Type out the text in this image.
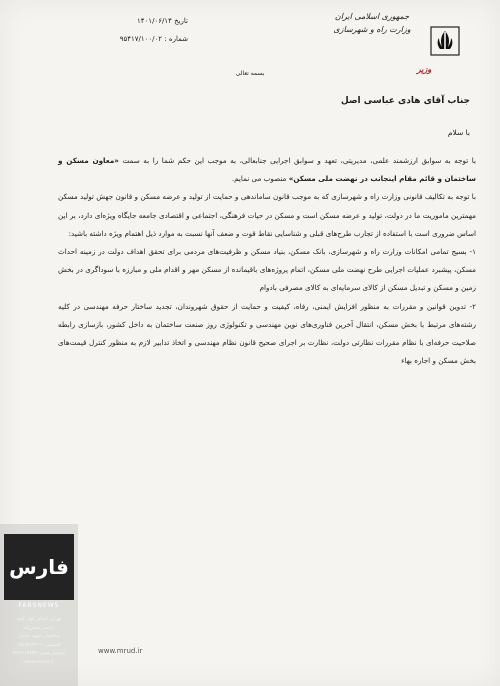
تاریخ ۱۴۰۱/۰۶/۱۴
شماره : ۹۵۴۱۷/۱۰۰/۰۲
جمهوری اسلامی ایران
وزارت راه و شهرسازی
وزیر
بسمه تعالی
جناب آقای هادی عباسی اصل
با سلام

با توجه به سوابق ارزشمند علمی، مدیریتی، تعهد و سوابق اجرایی جنابعالی، به موجب این حکم شما را به سمت «معاون مسکن و ساختمان و قائم مقام اینجانب در نهضت ملی مسکن» منصوب می نمایم.

با توجه به تکالیف قانونی وزارت راه و شهرسازی که به موجب قانون ساماندهی و حمایت از تولید و عرضه مسکن و قانون جهش تولید مسکن مهمترین ماموریت ما در دولت، تولید و عرضه مسکن است و مسکن در حیات فرهنگی، اجتماعی و اقتصادی جامعه جایگاه ویژه‌ای دارد، بر این اساس ضروری است با استفاده از تجارب طرح‌های قبلی و شناسایی نقاط قوت و ضعف آنها نسبت به موارد ذیل اهتمام ویژه داشته باشید:

۱- بسیج تمامی امکانات وزارت راه و شهرسازی، بانک مسکن، بنیاد مسکن و ظرفیت‌های مردمی برای تحقق اهداف دولت در زمینه احداث مسکن، پیشبرد عملیات اجرایی طرح نهضت ملی مسکن، اتمام پروژه‌های باقیمانده از مسکن مهر و اقدام ملی و مبارزه با سوداگری در بخش زمین و مسکن و تبدیل مسکن از کالای سرمایه‌ای به کالای مصرفی بادوام

۲- تدوین قوانین و مقررات به منظور افزایش ایمنی، رفاه، کیفیت و حمایت از حقوق شهروندان، تجدید ساختار حرفه مهندسی در کلیه رشته‌های مرتبط با بخش مسکن، انتقال آخرین فناوری‌های نوین مهندسی و تکنولوژی روز صنعت ساختمان به داخل کشور، بازسازی رابطه صلاحیت حرفه‌ای با نظام مقررات نظارتی دولت، نظارت بر اجرای صحیح قانون نظام مهندسی و اتخاذ تدابیر لازم به منظور کنترل قیمت‌های بخش مسکن و اجاره بهاء

فارس
FARSNEWS
تهران، ابتدای بلوار کاوه
اراضی عباس‌آباد
ساختمان شهید دادمان
کدپستی: ۱۵۱۹۷۱۳۱۱۱
صندوق پستی: ۱۵۸۷۵-۴۵۶۸
www.mrud.ir
www.mrud.ir
